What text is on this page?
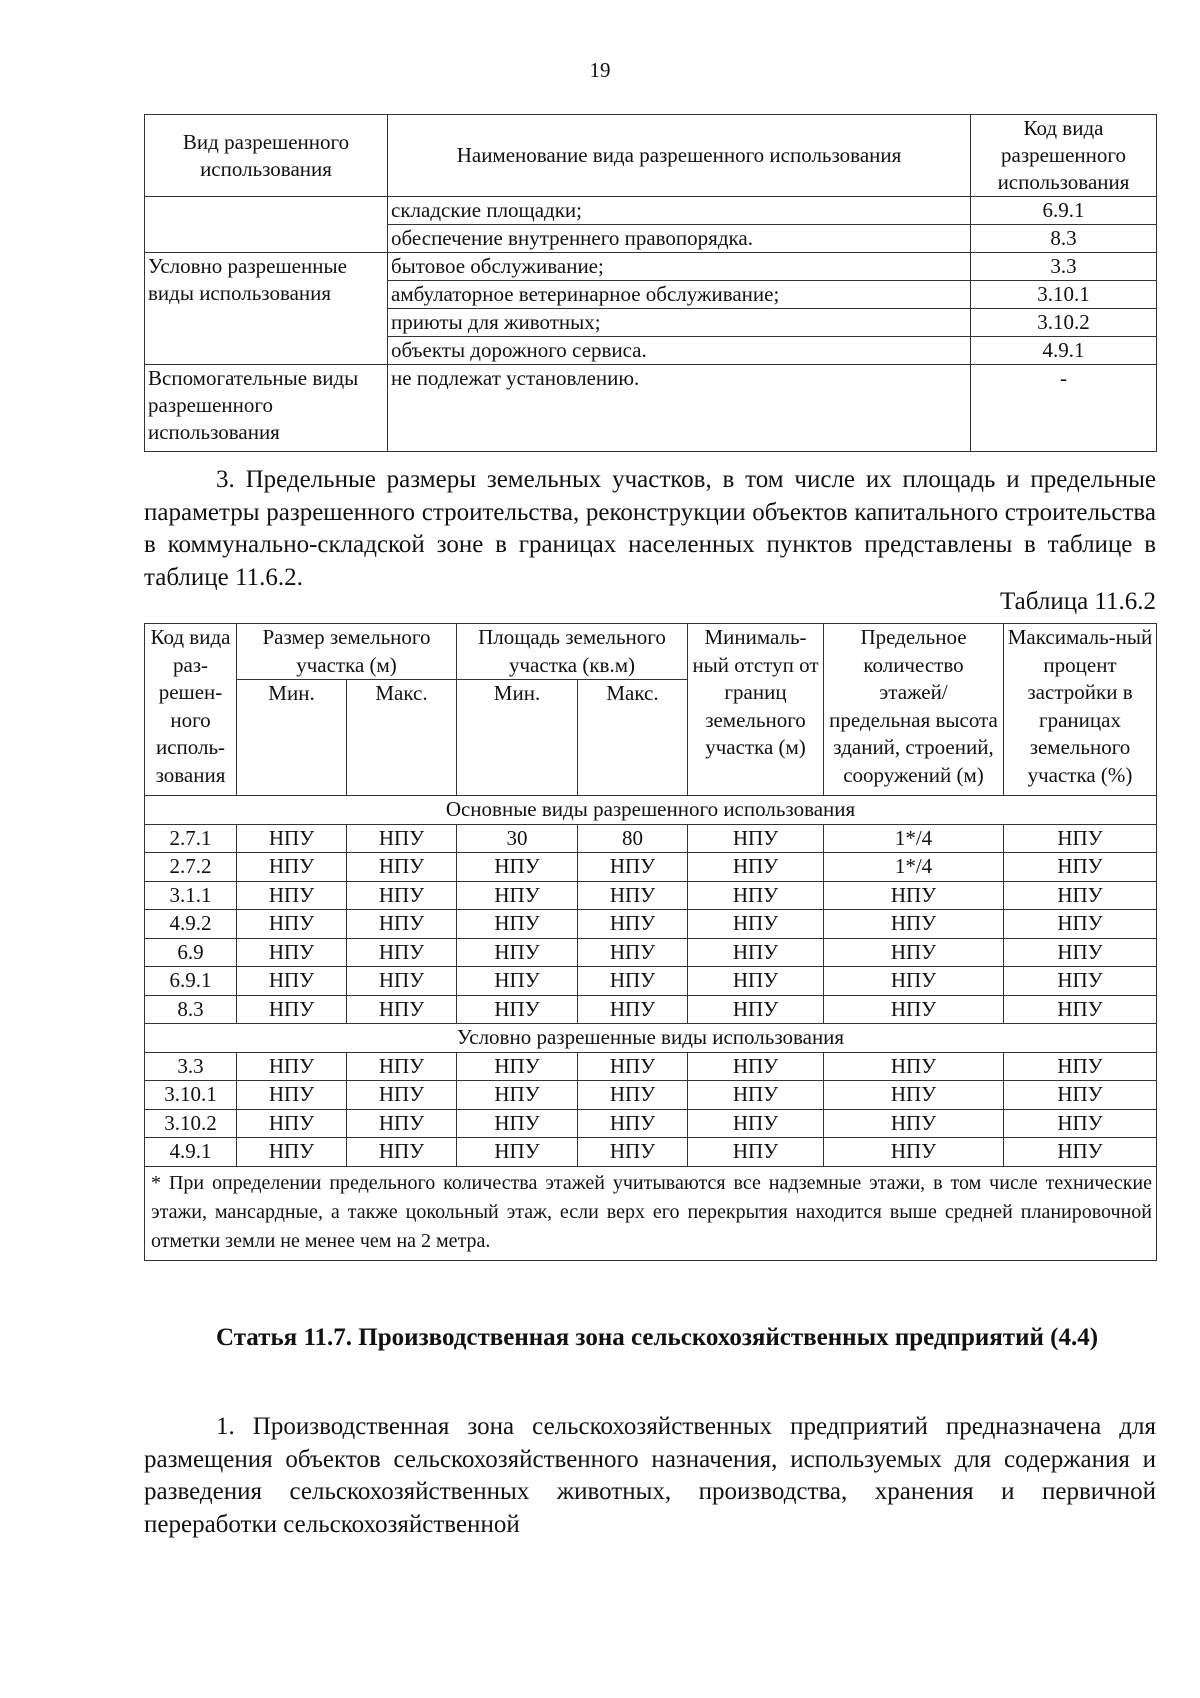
19
Вид разрешенного использования	Наименование вида разрешенного использования	Код вида разрешенного использования
	складские площадки;	6.9.1
	обеспечение внутреннего правопорядка.	8.3
Условно разрешенные виды использования	бытовое обслуживание;	3.3
	амбулаторное ветеринарное обслуживание;	3.10.1
	приюты для животных;	3.10.2
	объекты дорожного сервиса.	4.9.1
Вспомогательные виды разрешенного использования	не подлежат установлению.	-
3. Предельные размеры земельных участков, в том числе их площадь и предельные параметры разрешенного строительства, реконструкции объектов капитального строительства в коммунально-складской зоне в границах населенных пунктов представлены в таблице в таблице 11.6.2.
Таблица 11.6.2
Код вида раз-решен-ного исполь-зования	Размер земельного участка (м)		Площадь земельного участка (кв.м)		Минималь-ный отступ от границ земельного участка (м)	Предельное количество этажей/ предельная высота зданий, строений, сооружений (м)	Максималь-ный процент застройки в границах земельного участка (%)
	Мин.	Макс.	Мин.	Макс.			
Основные виды разрешенного использования							
2.7.1	НПУ	НПУ	30	80	НПУ	1*/4	НПУ
2.7.2	НПУ	НПУ	НПУ	НПУ	НПУ	1*/4	НПУ
3.1.1	НПУ	НПУ	НПУ	НПУ	НПУ	НПУ	НПУ
4.9.2	НПУ	НПУ	НПУ	НПУ	НПУ	НПУ	НПУ
6.9	НПУ	НПУ	НПУ	НПУ	НПУ	НПУ	НПУ
6.9.1	НПУ	НПУ	НПУ	НПУ	НПУ	НПУ	НПУ
8.3	НПУ	НПУ	НПУ	НПУ	НПУ	НПУ	НПУ
Условно разрешенные виды использования							
3.3	НПУ	НПУ	НПУ	НПУ	НПУ	НПУ	НПУ
3.10.1	НПУ	НПУ	НПУ	НПУ	НПУ	НПУ	НПУ
3.10.2	НПУ	НПУ	НПУ	НПУ	НПУ	НПУ	НПУ
4.9.1	НПУ	НПУ	НПУ	НПУ	НПУ	НПУ	НПУ
* При определении предельного количества этажей учитываются все надземные этажи, в том числе технические этажи, мансардные, а также цокольный этаж, если верх его перекрытия находится выше средней планировочной отметки земли не менее чем на 2 метра.							
Статья 11.7. Производственная зона сельскохозяйственных предприятий (4.4)
1. Производственная зона сельскохозяйственных предприятий предназначена для размещения объектов сельскохозяйственного назначения, используемых для содержания и разведения сельскохозяйственных животных, производства, хранения и первичной переработки сельскохозяйственной
